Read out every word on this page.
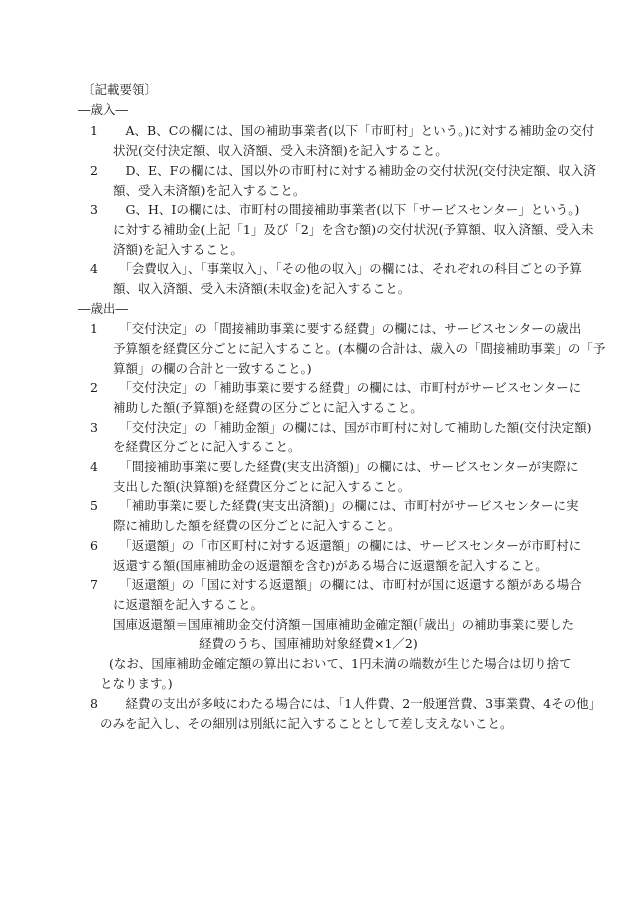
〔記載要領〕
―歳入―
1 　A、B、Cの欄には、国の補助事業者(以下「市町村」という。)に対する補助金の交付
状況(交付決定額、収入済額、受入未済額)を記入すること。
2 　D、E、Fの欄には、国以外の市町村に対する補助金の交付状況(交付決定額、収入済
額、受入未済額)を記入すること。
3 　G、H、Iの欄には、市町村の間接補助事業者(以下「サービスセンター」という。)
に対する補助金(上記「1」及び「2」を含む額)の交付状況(予算額、収入済額、受入未
済額)を記入すること。
4 　「会費収入」、「事業収入」、「その他の収入」の欄には、それぞれの科目ごとの予算
額、収入済額、受入未済額(未収金)を記入すること。
―歳出―
1 　「交付決定」の「間接補助事業に要する経費」の欄には、サービスセンターの歳出
予算額を経費区分ごとに記入すること。(本欄の合計は、歳入の「間接補助事業」の「予
算額」の欄の合計と一致すること。)
2 　「交付決定」の「補助事業に要する経費」の欄には、市町村がサービスセンターに
補助した額(予算額)を経費の区分ごとに記入すること。
3 　「交付決定」の「補助金額」の欄には、国が市町村に対して補助した額(交付決定額)
を経費区分ごとに記入すること。
4 　「間接補助事業に要した経費(実支出済額)」の欄には、サービスセンターが実際に
支出した額(決算額)を経費区分ごとに記入すること。
5 　「補助事業に要した経費(実支出済額)」の欄には、市町村がサービスセンターに実
際に補助した額を経費の区分ごとに記入すること。
6 　「返還額」の「市区町村に対する返還額」の欄には、サービスセンターが市町村に
返還する額(国庫補助金の返還額を含む)がある場合に返還額を記入すること。
7 　「返還額」の「国に対する返還額」の欄には、市町村が国に返還する額がある場合
に返還額を記入すること。
国庫返還額＝国庫補助金交付済額－国庫補助金確定額(「歳出」の補助事業に要した
経費のうち、国庫補助対象経費×1／2)
(なお、国庫補助金確定額の算出において、1円未満の端数が生じた場合は切り捨て
となります。)
8 　経費の支出が多岐にわたる場合には、「1人件費、2一般運営費、3事業費、4その他」
のみを記入し、その細別は別紙に記入することとして差し支えないこと。
